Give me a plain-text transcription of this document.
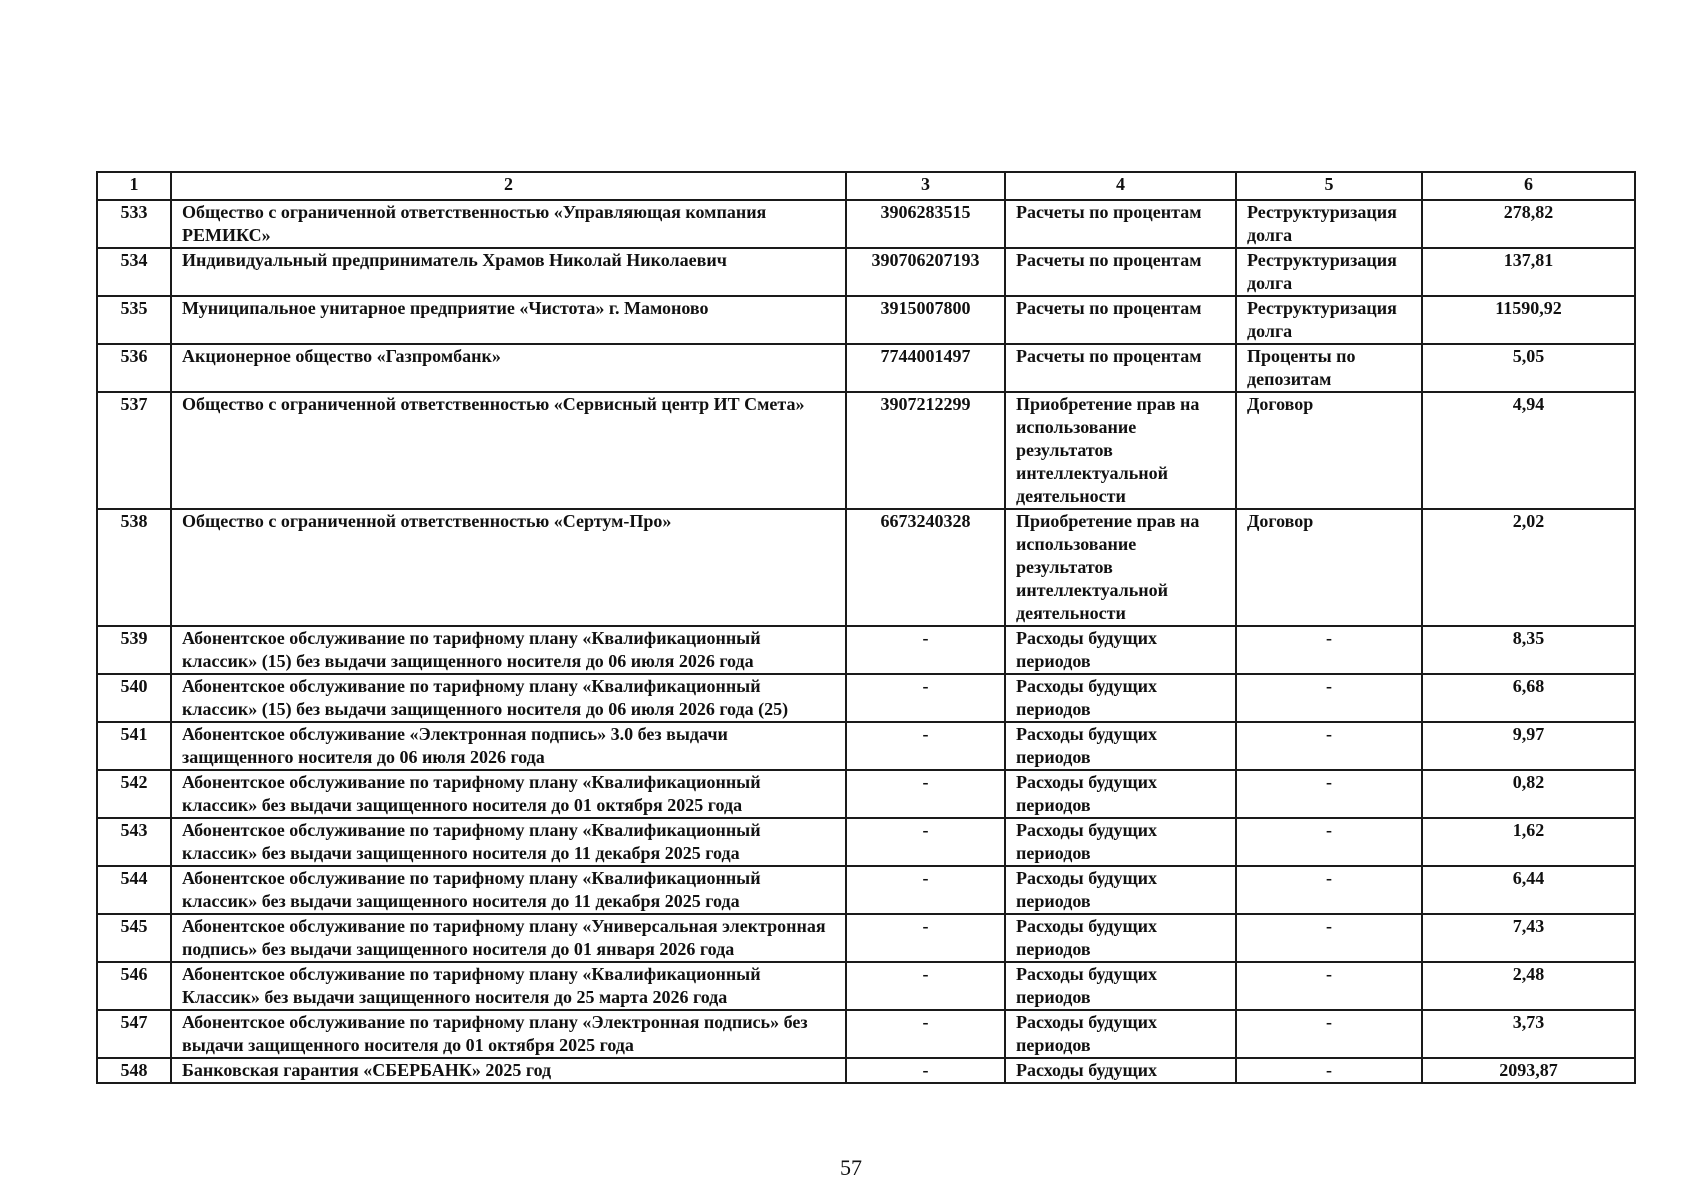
1	2	3	4	5	6
533	Общество с ограниченной ответственностью «Управляющая компания РЕМИКС»	3906283515	Расчеты по процентам	Реструктуризация долга	278,82
534	Индивидуальный предприниматель Храмов Николай Николаевич	390706207193	Расчеты по процентам	Реструктуризация долга	137,81
535	Муниципальное унитарное предприятие «Чистота» г. Мамоново	3915007800	Расчеты по процентам	Реструктуризация долга	11590,92
536	Акционерное общество «Газпромбанк»	7744001497	Расчеты по процентам	Проценты по депозитам	5,05
537	Общество с ограниченной ответственностью «Сервисный центр ИТ Смета»	3907212299	Приобретение прав на использование результатов интеллектуальной деятельности	Договор	4,94
538	Общество с ограниченной ответственностью «Сертум-Про»	6673240328	Приобретение прав на использование результатов интеллектуальной деятельности	Договор	2,02
539	Абонентское обслуживание по тарифному плану «Квалификационный классик» (15) без выдачи защищенного носителя до 06 июля 2026 года	-	Расходы будущих периодов	-	8,35
540	Абонентское обслуживание по тарифному плану «Квалификационный классик» (15) без выдачи защищенного носителя до 06 июля 2026 года (25)	-	Расходы будущих периодов	-	6,68
541	Абонентское обслуживание «Электронная подпись» 3.0 без выдачи защищенного носителя до 06 июля 2026 года	-	Расходы будущих периодов	-	9,97
542	Абонентское обслуживание по тарифному плану «Квалификационный классик» без выдачи защищенного носителя до 01 октября 2025 года	-	Расходы будущих периодов	-	0,82
543	Абонентское обслуживание по тарифному плану «Квалификационный классик» без выдачи защищенного носителя до 11 декабря 2025 года	-	Расходы будущих периодов	-	1,62
544	Абонентское обслуживание по тарифному плану «Квалификационный классик» без выдачи защищенного носителя до 11 декабря 2025 года	-	Расходы будущих периодов	-	6,44
545	Абонентское обслуживание по тарифному плану «Универсальная электронная подпись» без выдачи защищенного носителя до 01 января 2026 года	-	Расходы будущих периодов	-	7,43
546	Абонентское обслуживание по тарифному плану «Квалификационный Классик» без выдачи защищенного носителя до 25 марта 2026 года	-	Расходы будущих периодов	-	2,48
547	Абонентское обслуживание по тарифному плану «Электронная подпись» без выдачи защищенного носителя до 01 октября 2025 года	-	Расходы будущих периодов	-	3,73
548	Банковская гарантия «СБЕРБАНК» 2025 год	-	Расходы будущих	-	2093,87
57
